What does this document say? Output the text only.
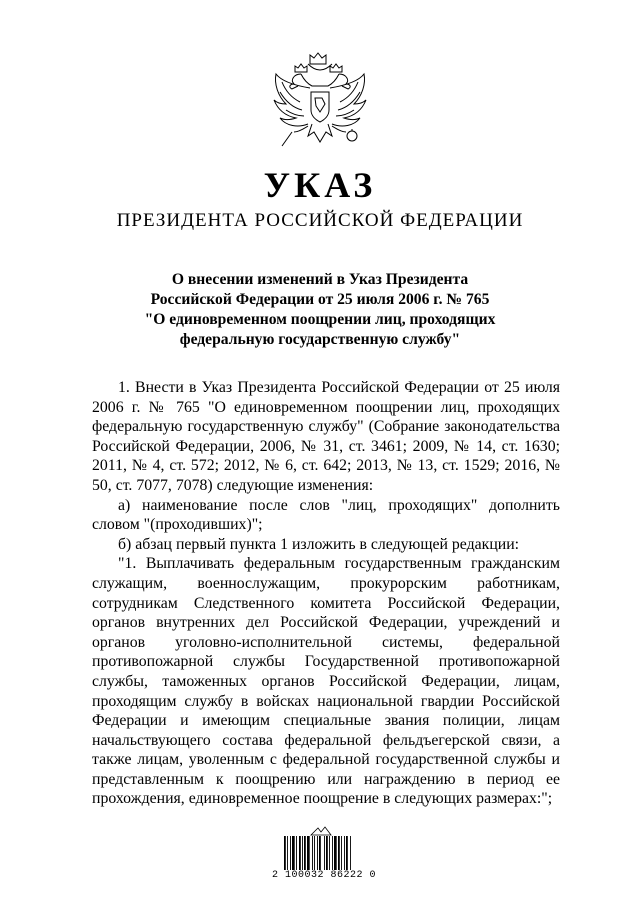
УКАЗ
ПРЕЗИДЕНТА РОССИЙСКОЙ ФЕДЕРАЦИИ
О внесении изменений в Указ Президента
Российской Федерации от 25 июля 2006 г. № 765
"О единовременном поощрении лиц, проходящих
федеральную государственную службу"

1. Внести в Указ Президента Российской Федерации от 25 июля 2006 г. № 765 "О единовременном поощрении лиц, проходящих федеральную государственную службу" (Собрание законодательства Российской Федерации, 2006, № 31, ст. 3461; 2009, № 14, ст. 1630; 2011, № 4, ст. 572; 2012, № 6, ст. 642; 2013, № 13, ст. 1529; 2016, № 50, ст. 7077, 7078) следующие изменения:

а) наименование после слов "лиц, проходящих" дополнить словом "(проходивших)";

б) абзац первый пункта 1 изложить в следующей редакции:

"1. Выплачивать федеральным государственным гражданским служащим, военнослужащим, прокурорским работникам, сотрудникам Следственного комитета Российской Федерации, органов внутренних дел Российской Федерации, учреждений и органов уголовно-исполнительной системы, федеральной противопожарной службы Государственной противопожарной службы, таможенных органов Российской Федерации, лицам, проходящим службу в войсках национальной гвардии Российской Федерации и имеющим специальные звания полиции, лицам начальствующего состава федеральной фельдъегерской связи, а также лицам, уволенным с федеральной государственной службы и представленным к поощрению или награждению в период ее прохождения, единовременное поощрение в следующих размерах:";

2 100032 86222 0
